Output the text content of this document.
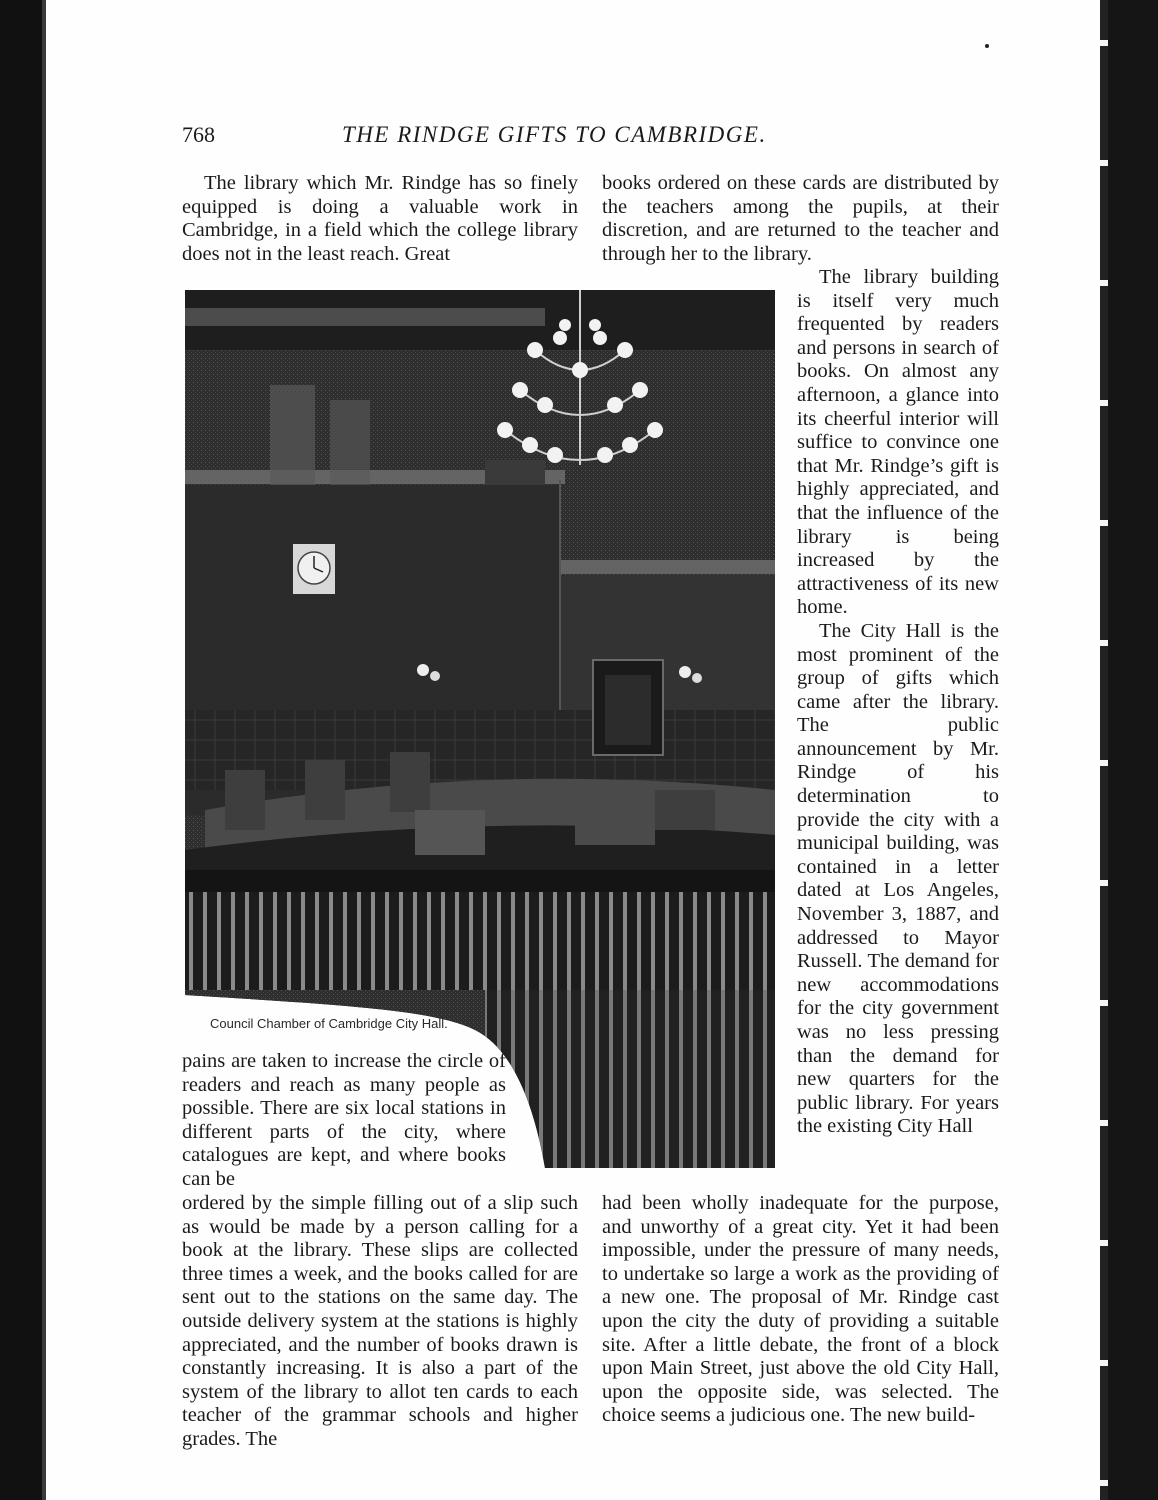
768	THE RINDGE GIFTS TO CAMBRIDGE.

The library which Mr. Rindge has so finely equipped is doing a valuable work in Cambridge, in a field which the college library does not in the least reach. Great

books ordered on these cards are distributed by the teachers among the pupils, at their discretion, and are returned to the teacher and through her to the library.

The library building is itself very much frequented by readers and persons in search of books. On almost any afternoon, a glance into its cheerful interior will suffice to convince one that Mr. Rindge’s gift is highly appreciated, and that the influence of the library is being increased by the attractiveness of its new home.

The City Hall is the most prominent of the group of gifts which came after the library. The public announcement by Mr. Rindge of his determination to provide the city with a municipal building, was contained in a letter dated at Los Angeles, November 3, 1887, and addressed to Mayor Russell. The demand for new accommodations for the city government was no less pressing than the demand for new quarters for the public library. For years the existing City Hall

Council Chamber of Cambridge City Hall.

pains are taken to increase the circle of readers and reach as many people as possible. There are six local stations in different parts of the city, where catalogues are kept, and where books can be

ordered by the simple filling out of a slip such as would be made by a person calling for a book at the library. These slips are collected three times a week, and the books called for are sent out to the stations on the same day. The outside delivery system at the stations is highly appreciated, and the number of books drawn is constantly increasing. It is also a part of the system of the library to allot ten cards to each teacher of the grammar schools and higher grades. The

had been wholly inadequate for the purpose, and unworthy of a great city. Yet it had been impossible, under the pressure of many needs, to undertake so large a work as the providing of a new one. The proposal of Mr. Rindge cast upon the city the duty of providing a suitable site. After a little debate, the front of a block upon Main Street, just above the old City Hall, upon the opposite side, was selected. The choice seems a judicious one. The new build-
